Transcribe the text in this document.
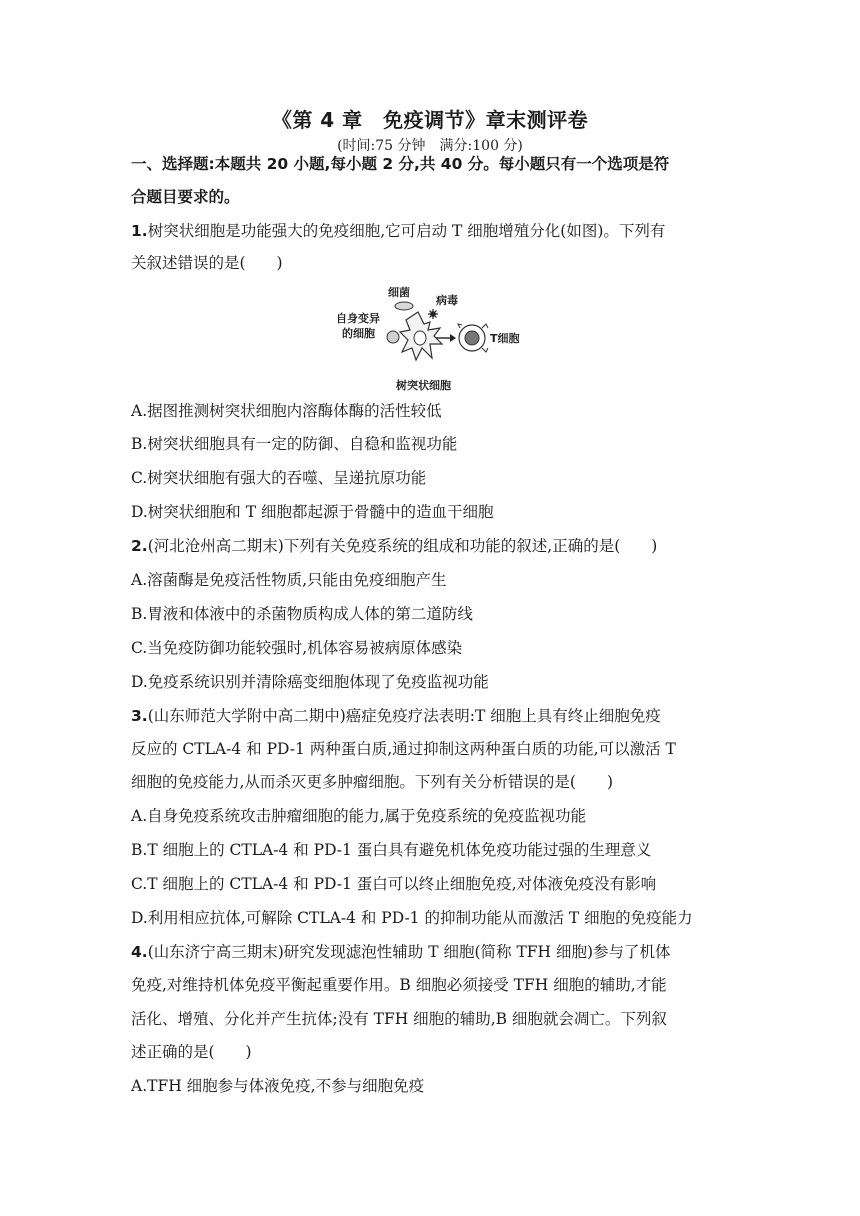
《第 4 章　免疫调节》章末测评卷
(时间:75 分钟　满分:100 分)
一、选择题:本题共 20 小题,每小题 2 分,共 40 分。每小题只有一个选项是符
合题目要求的。
1.树突状细胞是功能强大的免疫细胞,它可启动 T 细胞增殖分化(如图)。下列有
关叙述错误的是(　　)
细菌
病毒
自身变异
的细胞	T细胞
树突状细胞
A.据图推测树突状细胞内溶酶体酶的活性较低
B.树突状细胞具有一定的防御、自稳和监视功能
C.树突状细胞有强大的吞噬、呈递抗原功能
D.树突状细胞和 T 细胞都起源于骨髓中的造血干细胞
2.(河北沧州高二期末)下列有关免疫系统的组成和功能的叙述,正确的是(　　)
A.溶菌酶是免疫活性物质,只能由免疫细胞产生
B.胃液和体液中的杀菌物质构成人体的第二道防线
C.当免疫防御功能较强时,机体容易被病原体感染
D.免疫系统识别并清除癌变细胞体现了免疫监视功能
3.(山东师范大学附中高二期中)癌症免疫疗法表明:T 细胞上具有终止细胞免疫
反应的 CTLA-4 和 PD-1 两种蛋白质,通过抑制这两种蛋白质的功能,可以激活 T
细胞的免疫能力,从而杀灭更多肿瘤细胞。下列有关分析错误的是(　　)
A.自身免疫系统攻击肿瘤细胞的能力,属于免疫系统的免疫监视功能
B.T 细胞上的 CTLA-4 和 PD-1 蛋白具有避免机体免疫功能过强的生理意义
C.T 细胞上的 CTLA-4 和 PD-1 蛋白可以终止细胞免疫,对体液免疫没有影响
D.利用相应抗体,可解除 CTLA-4 和 PD-1 的抑制功能从而激活 T 细胞的免疫能力
4.(山东济宁高三期末)研究发现滤泡性辅助 T 细胞(简称 TFH 细胞)参与了机体
免疫,对维持机体免疫平衡起重要作用。B 细胞必须接受 TFH 细胞的辅助,才能
活化、增殖、分化并产生抗体;没有 TFH 细胞的辅助,B 细胞就会凋亡。下列叙
述正确的是(　　)
A.TFH 细胞参与体液免疫,不参与细胞免疫
